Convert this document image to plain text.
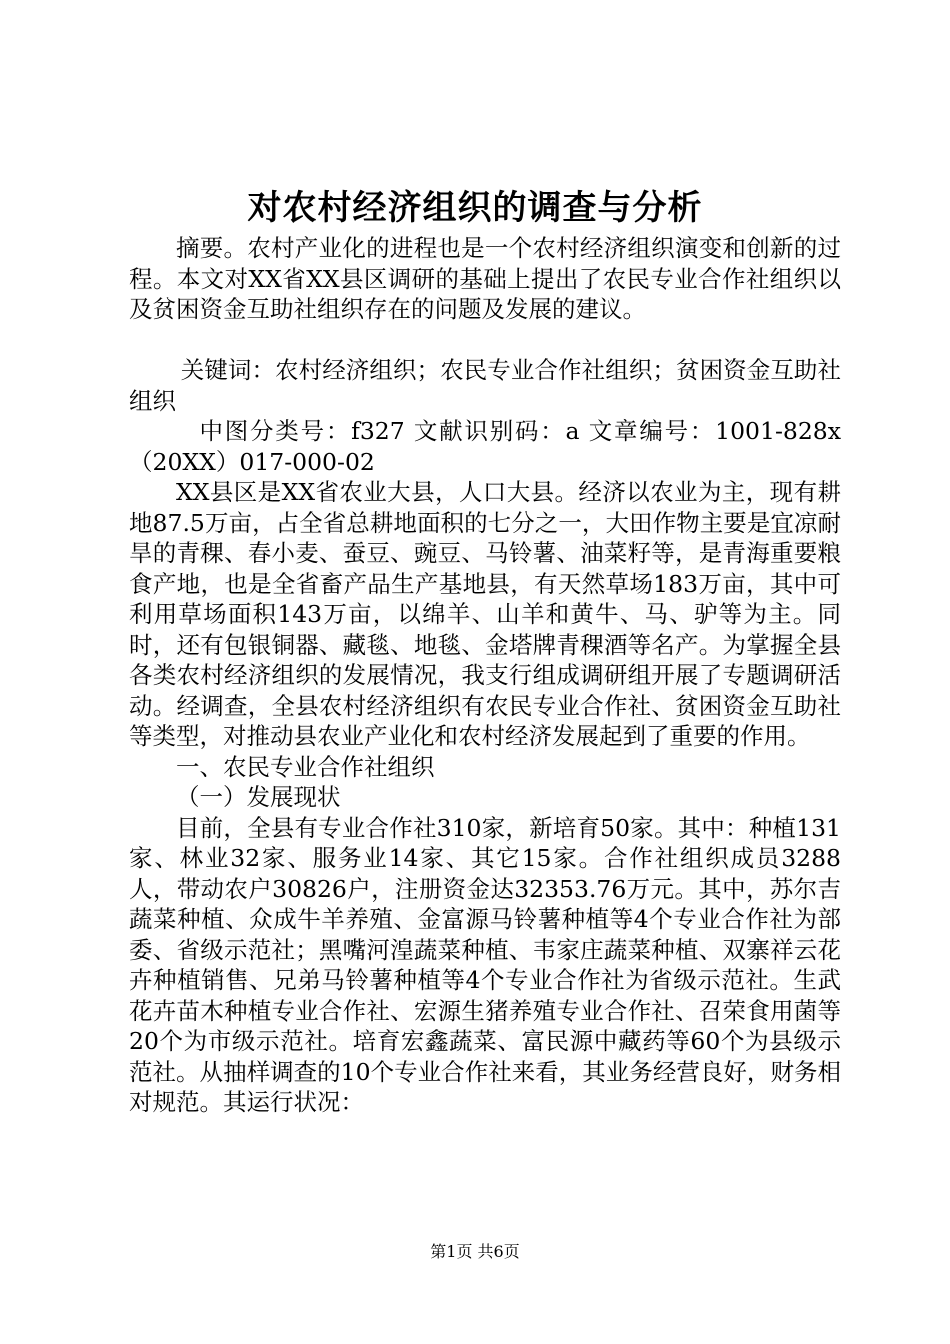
对农村经济组织的调查与分析

摘要。农村产业化的进程也是一个农村经济组织演变和创新的过程。本文对XX省XX县区调研的基础上提出了农民专业合作社组织以及贫困资金互助社组织存在的问题及发展的建议。

关键词：农村经济组织；农民专业合作社组织；贫困资金互助社组织

中图分类号：f327 文献识别码：a 文章编号：1001-828x（20XX）017-000-02

XX县区是XX省农业大县，人口大县。经济以农业为主，现有耕地87.5万亩，占全省总耕地面积的七分之一，大田作物主要是宜凉耐旱的青稞、春小麦、蚕豆、豌豆、马铃薯、油菜籽等，是青海重要粮食产地，也是全省畜产品生产基地县，有天然草场183万亩，其中可利用草场面积143万亩，以绵羊、山羊和黄牛、马、驴等为主。同时，还有包银铜器、藏毯、地毯、金塔牌青稞酒等名产。为掌握全县各类农村经济组织的发展情况，我支行组成调研组开展了专题调研活动。经调查，全县农村经济组织有农民专业合作社、贫困资金互助社等类型，对推动县农业产业化和农村经济发展起到了重要的作用。

一、农民专业合作社组织

（一）发展现状

目前，全县有专业合作社310家，新培育50家。其中：种植131家、林业32家、服务业14家、其它15家。合作社组织成员3288人，带动农户30826户，注册资金达32353.76万元。其中，苏尔吉蔬菜种植、众成牛羊养殖、金富源马铃薯种植等4个专业合作社为部委、省级示范社；黑嘴河湟蔬菜种植、韦家庄蔬菜种植、双寨祥云花卉种植销售、兄弟马铃薯种植等4个专业合作社为省级示范社。生武花卉苗木种植专业合作社、宏源生猪养殖专业合作社、召荣食用菌等20个为市级示范社。培育宏鑫蔬菜、富民源中藏药等60个为县级示范社。从抽样调查的10个专业合作社来看，其业务经营良好，财务相对规范。其运行状况：

第1页 共6页
